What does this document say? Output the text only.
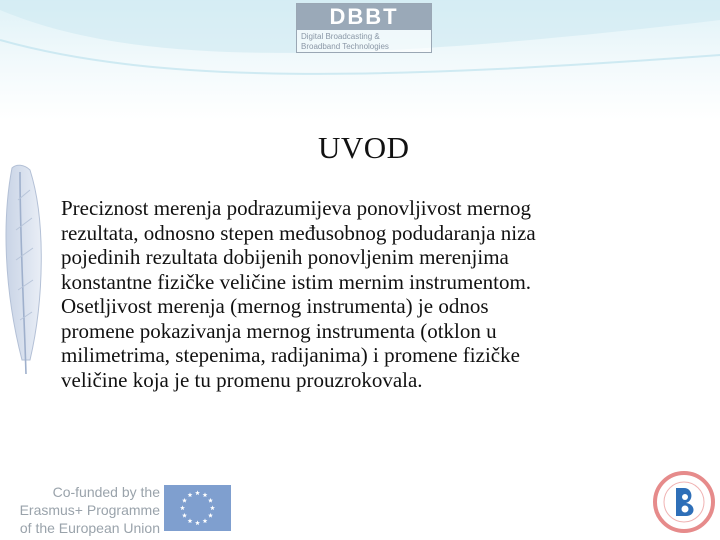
DBBT
Digital Broadcasting &
Broadband Technologies
UVOD
Preciznost merenja podrazumijeva ponovljivost mernog
rezultata, odnosno stepen međusobnog podudaranja niza
pojedinih rezultata dobijenih ponovljenim merenjima
konstantne fizičke veličine istim mernim instrumentom.
Osetljivost merenja (mernog instrumenta) je odnos
promene pokazivanja mernog instrumenta (otklon u
milimetrima, stepenima, radijanima) i promene fizičke
veličine koja je tu promenu prouzrokovala.
Co-funded by the
Erasmus+ Programme
of the European Union
